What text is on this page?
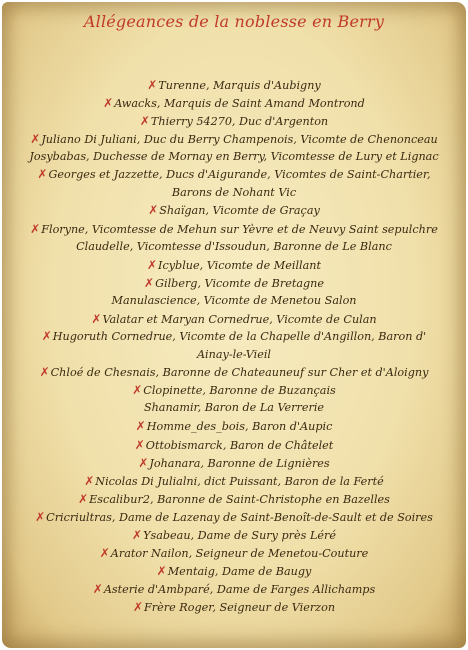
Allégeances de la noblesse en Berry
✗Turenne, Marquis d'Aubigny
✗Awacks, Marquis de Saint Amand Montrond
✗Thierry 54270, Duc d'Argenton
✗Juliano Di Juliani, Duc du Berry Champenois, Vicomte de Chenonceau
Josybabas, Duchesse de Mornay en Berry, Vicomtesse de Lury et Lignac
✗Georges et Jazzette, Ducs d'Aigurande, Vicomtes de Saint-Chartier, Barons de Nohant Vic
✗Shaïgan, Vicomte de Graçay
✗Floryne, Vicomtesse de Mehun sur Yèvre et de Neuvy Saint sepulchre
Claudelle, Vicomtesse d'Issoudun, Baronne de Le Blanc
✗Icyblue, Vicomte de Meillant
✗Gilberg, Vicomte de Bretagne
Manulascience, Vicomte de Menetou Salon
✗Valatar et Maryan Cornedrue, Vicomte de Culan
✗Hugoruth Cornedrue, Vicomte de la Chapelle d'Angillon, Baron d' Ainay-le-Vieil
✗Chloé de Chesnais, Baronne de Chateauneuf sur Cher et d'Aloigny
✗Clopinette, Baronne de Buzançais
Shanamir, Baron de La Verrerie
✗Homme_des_bois, Baron d'Aupic
✗Ottobismarck, Baron de Châtelet
✗Johanara, Baronne de Lignières
✗Nicolas Di Julialni, dict Puissant, Baron de la Ferté
✗Escalibur2, Baronne de Saint-Christophe en Bazelles
✗Cricriultras, Dame de Lazenay de Saint-Benoît-de-Sault et de Soires
✗Ysabeau, Dame de Sury près Léré
✗Arator Nailon, Seigneur de Menetou-Couture
✗Mentaig, Dame de Baugy
✗Asterie d'Ambparé, Dame de Farges Allichamps
✗Frère Roger, Seigneur de Vierzon
